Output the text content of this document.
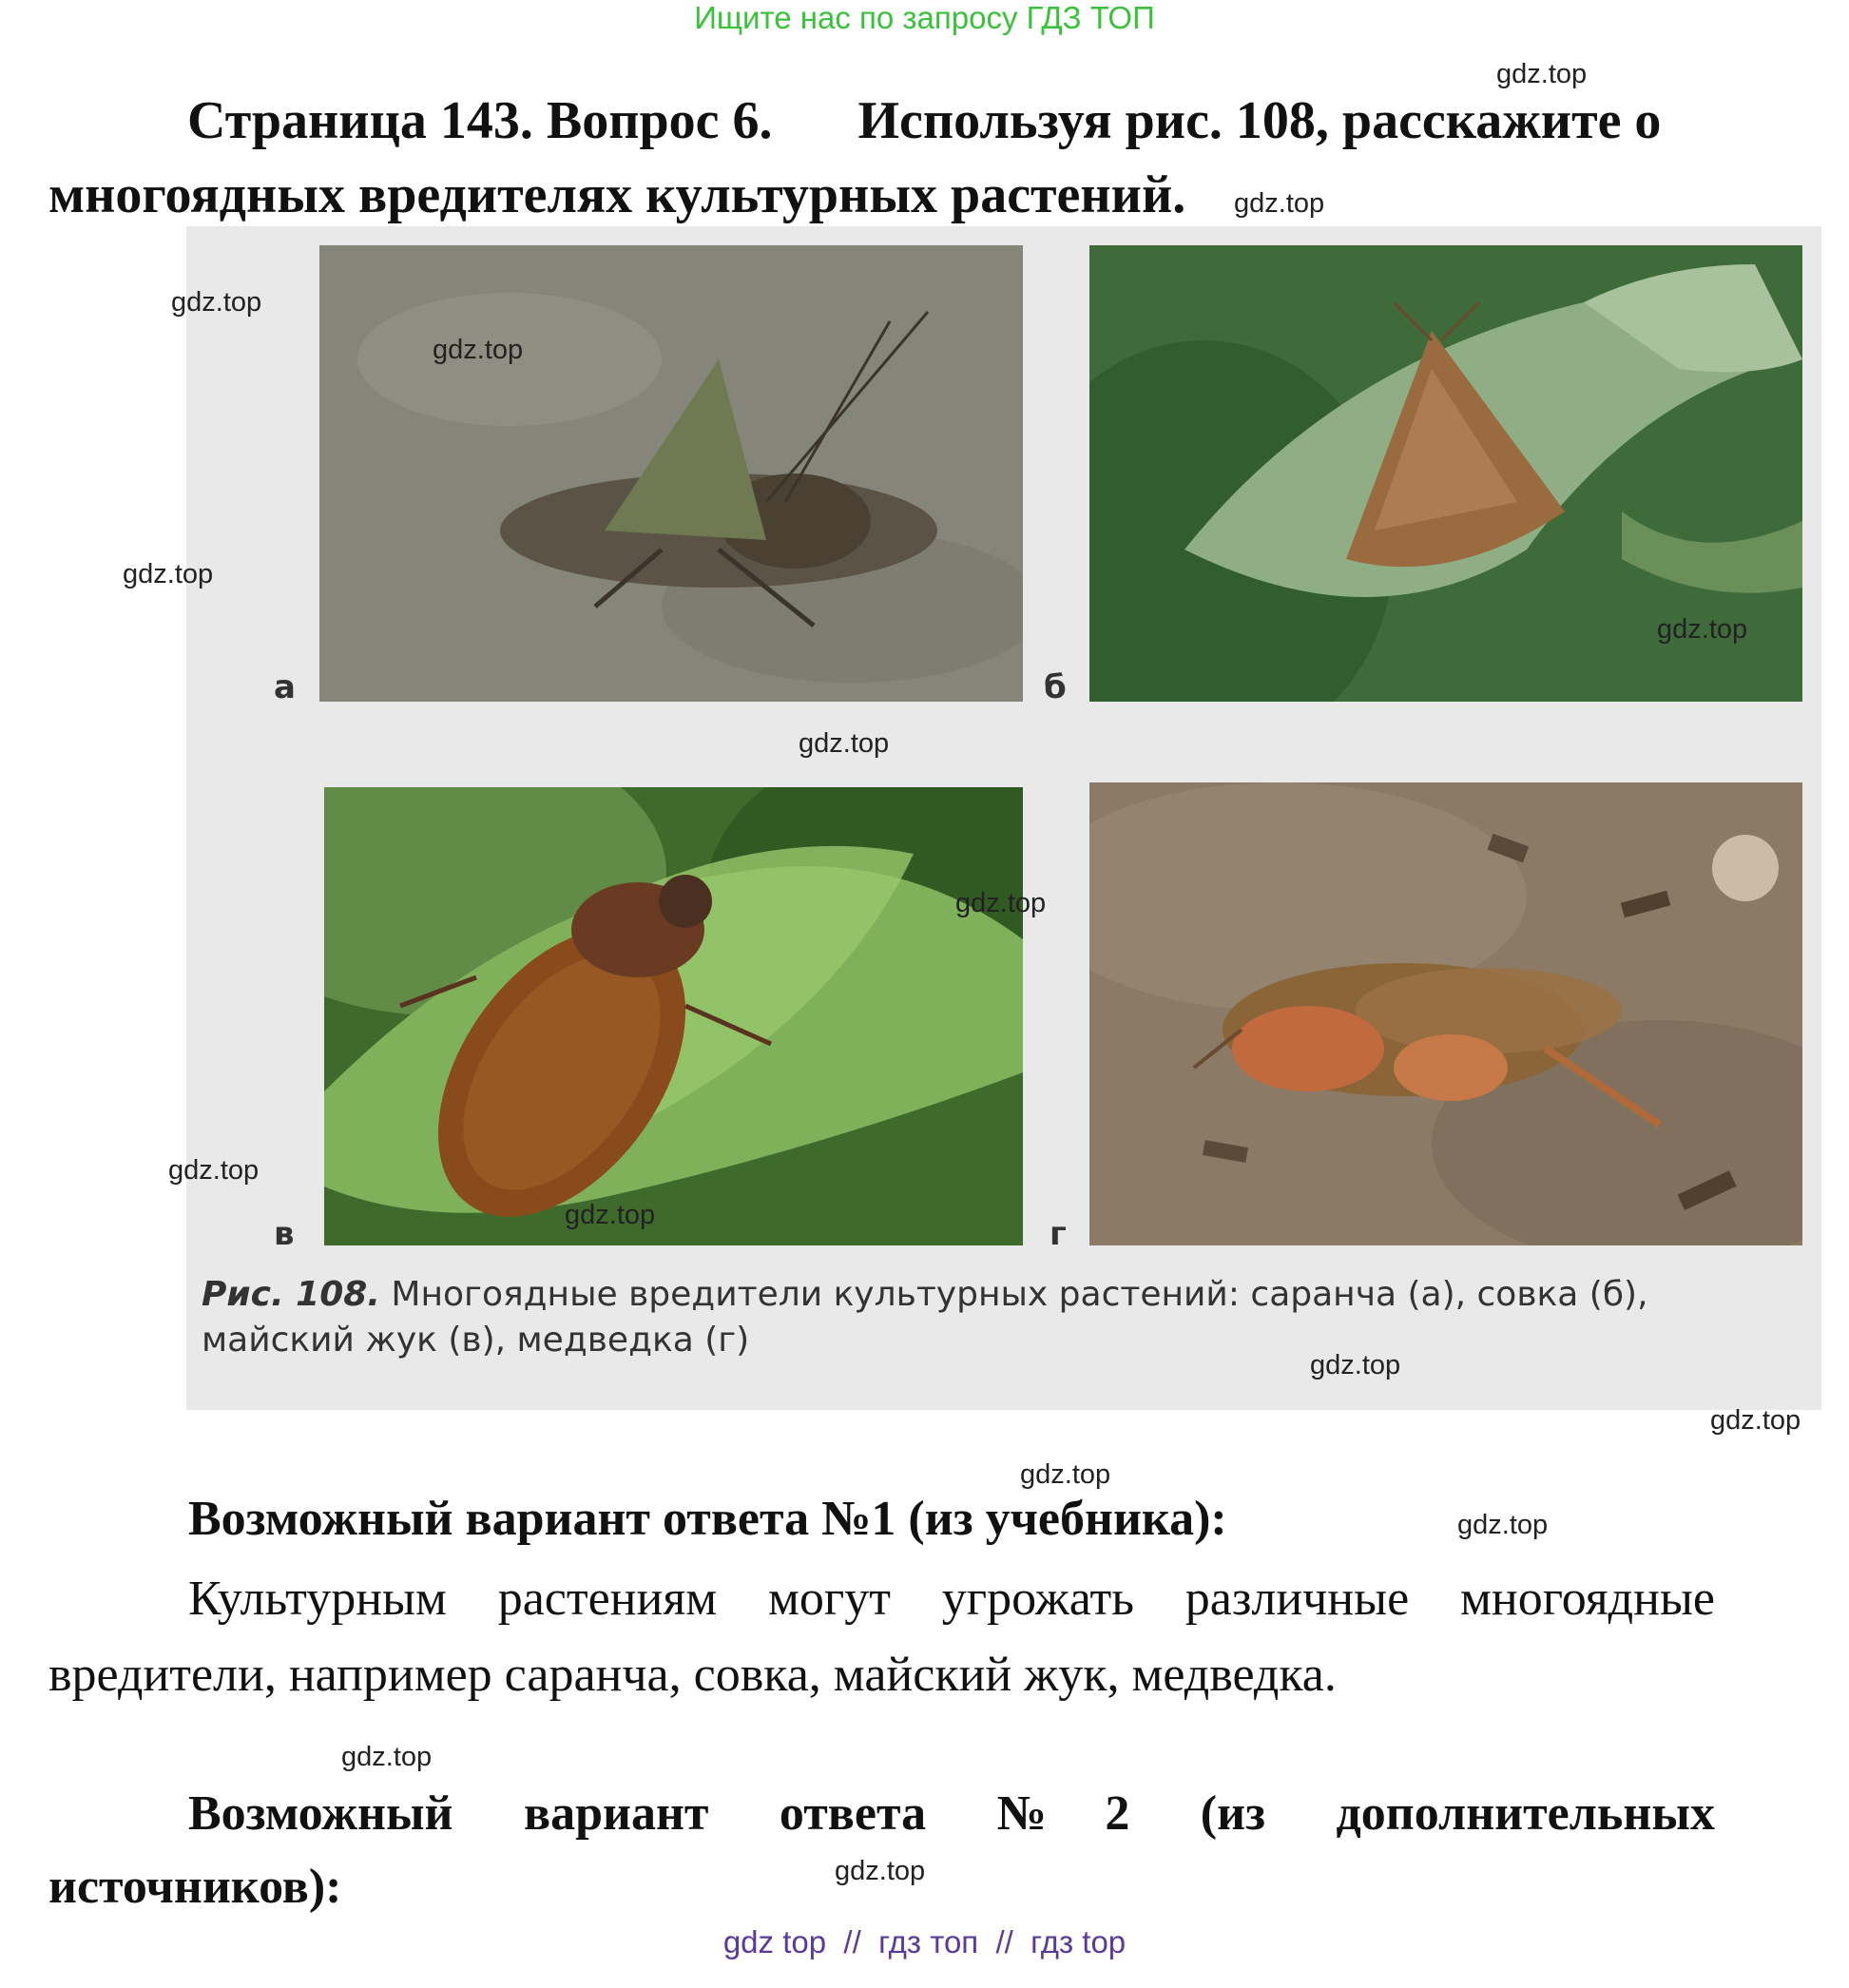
Ищите нас по запросу ГДЗ ТОП
Страница 143. Вопрос 6. Используя рис. 108, расскажите о
многоядных вредителях культурных растений.
а	б
в	г
Рис. 108. Многоядные вредители культурных растений: саранча (а), совка (б),
майский жук (в), медведка (г)
Возможный вариант ответа №1 (из учебника):
Культурным растениям могут угрожать различные многоядные
вредители, например саранча, совка, майский жук, медведка.
Возможный вариант ответа №2 (из дополнительных
источников):
gdz.top
gdz.top
gdz.top
gdz.top
gdz.top
gdz.top
gdz.top
gdz.top
gdz.top
gdz.top
gdz.top
gdz.top
gdz.top
gdz.top
gdz.top
gdz.top
gdz top  //  гдз топ  //  гдз top
